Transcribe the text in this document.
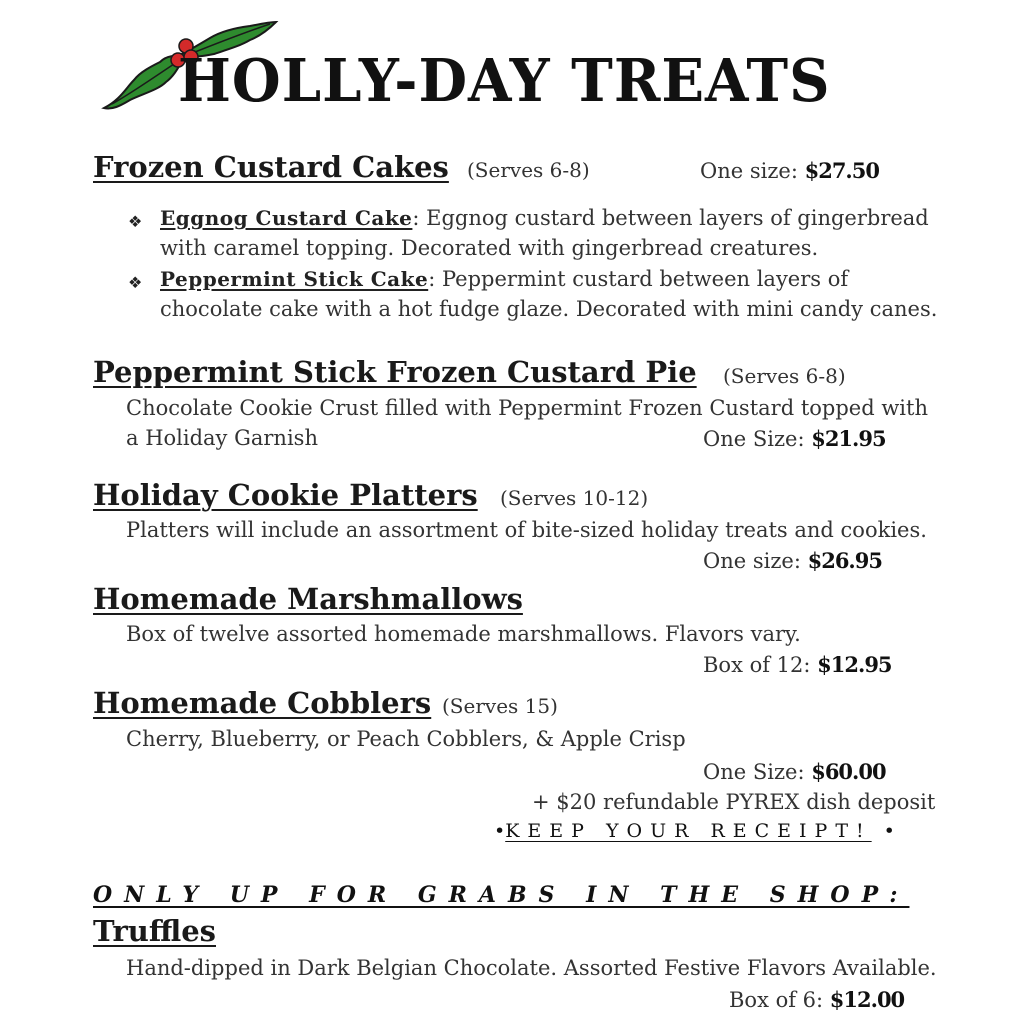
HOLLY-DAY TREATS
Frozen Custard Cakes (Serves 6-8)	One size: $27.50
❖ Eggnog Custard Cake: Eggnog custard between layers of gingerbread
with caramel topping. Decorated with gingerbread creatures.
❖ Peppermint Stick Cake: Peppermint custard between layers of
chocolate cake with a hot fudge glaze. Decorated with mini candy canes.
Peppermint Stick Frozen Custard Pie (Serves 6-8)
Chocolate Cookie Crust filled with Peppermint Frozen Custard topped with
a Holiday Garnish	One Size: $21.95
Holiday Cookie Platters (Serves 10-12)
Platters will include an assortment of bite-sized holiday treats and cookies.
One size: $26.95
Homemade Marshmallows
Box of twelve assorted homemade marshmallows. Flavors vary.
Box of 12: $12.95
Homemade Cobblers (Serves 15)
Cherry, Blueberry, or Peach Cobblers, & Apple Crisp
One Size: $60.00
+ $20 refundable PYREX dish deposit
•KEEP YOUR RECEIPT! •
ONLY UP FOR GRABS IN THE SHOP:
Truffles
Hand-dipped in Dark Belgian Chocolate. Assorted Festive Flavors Available.
Box of 6: $12.00
